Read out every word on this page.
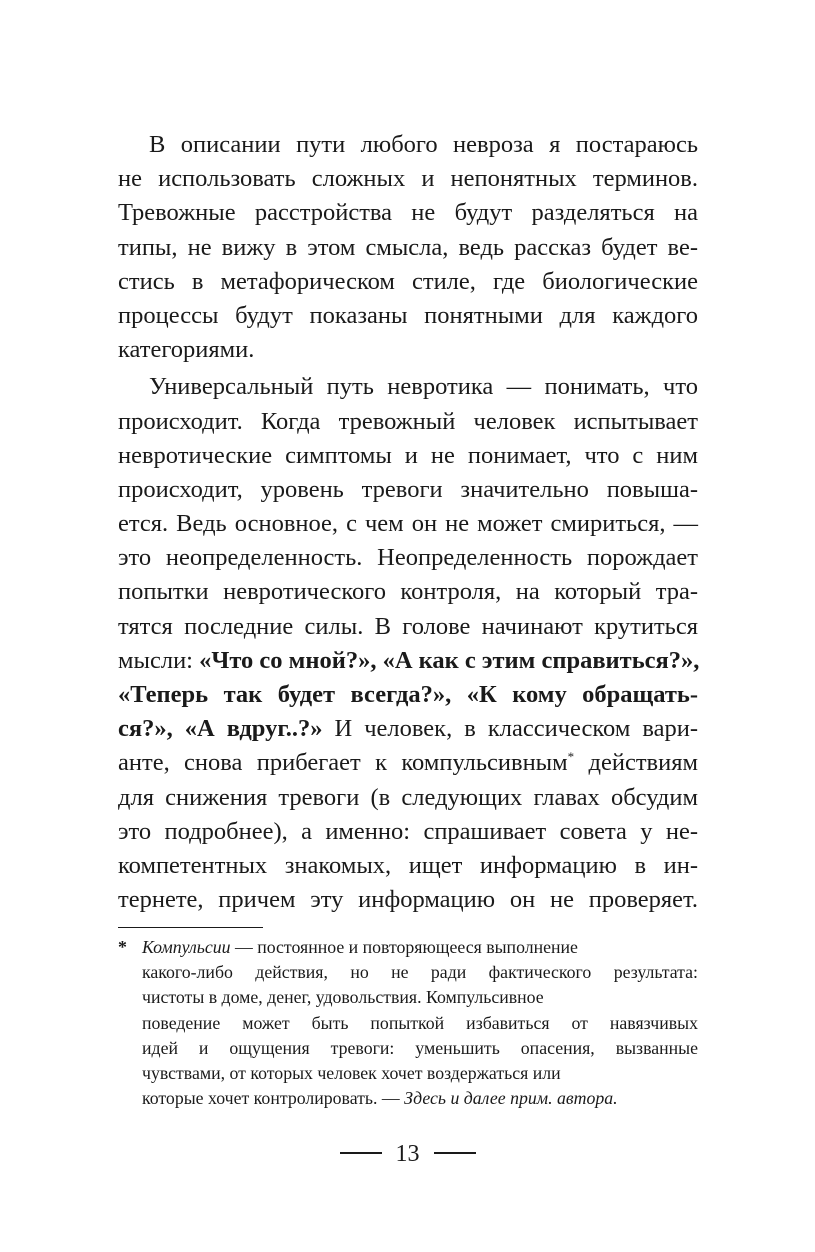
В описании пути любого невроза я постараюсь
не использовать сложных и непонятных терминов.
Тревожные расстройства не будут разделяться на
типы, не вижу в этом смысла, ведь рассказ будет ве-
стись в метафорическом стиле, где биологические
процессы будут показаны понятными для каждого
категориями.
Универсальный путь невротика — понимать, что
происходит. Когда тревожный человек испытывает
невротические симптомы и не понимает, что с ним
происходит, уровень тревоги значительно повыша-
ется. Ведь основное, с чем он не может смириться, —
это неопределенность. Неопределенность порождает
попытки невротического контроля, на который тра-
тятся последние силы. В голове начинают крутиться
мысли: «Что со мной?», «А как с этим справиться?»,
«Теперь так будет всегда?», «К кому обращать-
ся?», «А вдруг..?» И человек, в классическом вари-
анте, снова прибегает к компульсивным* действиям
для снижения тревоги (в следующих главах обсудим
это подробнее), а именно: спрашивает совета у не-
компетентных знакомых, ищет информацию в ин-
тернете, причем эту информацию он не проверяет.
* Компульсии — постоянное и повторяющееся выполнение
какого-либо действия, но не ради фактического результата:
чистоты в доме, денег, удовольствия. Компульсивное
поведение может быть попыткой избавиться от навязчивых
идей и ощущения тревоги: уменьшить опасения, вызванные
чувствами, от которых человек хочет воздержаться или
которые хочет контролировать. — Здесь и далее прим. автора.
13
